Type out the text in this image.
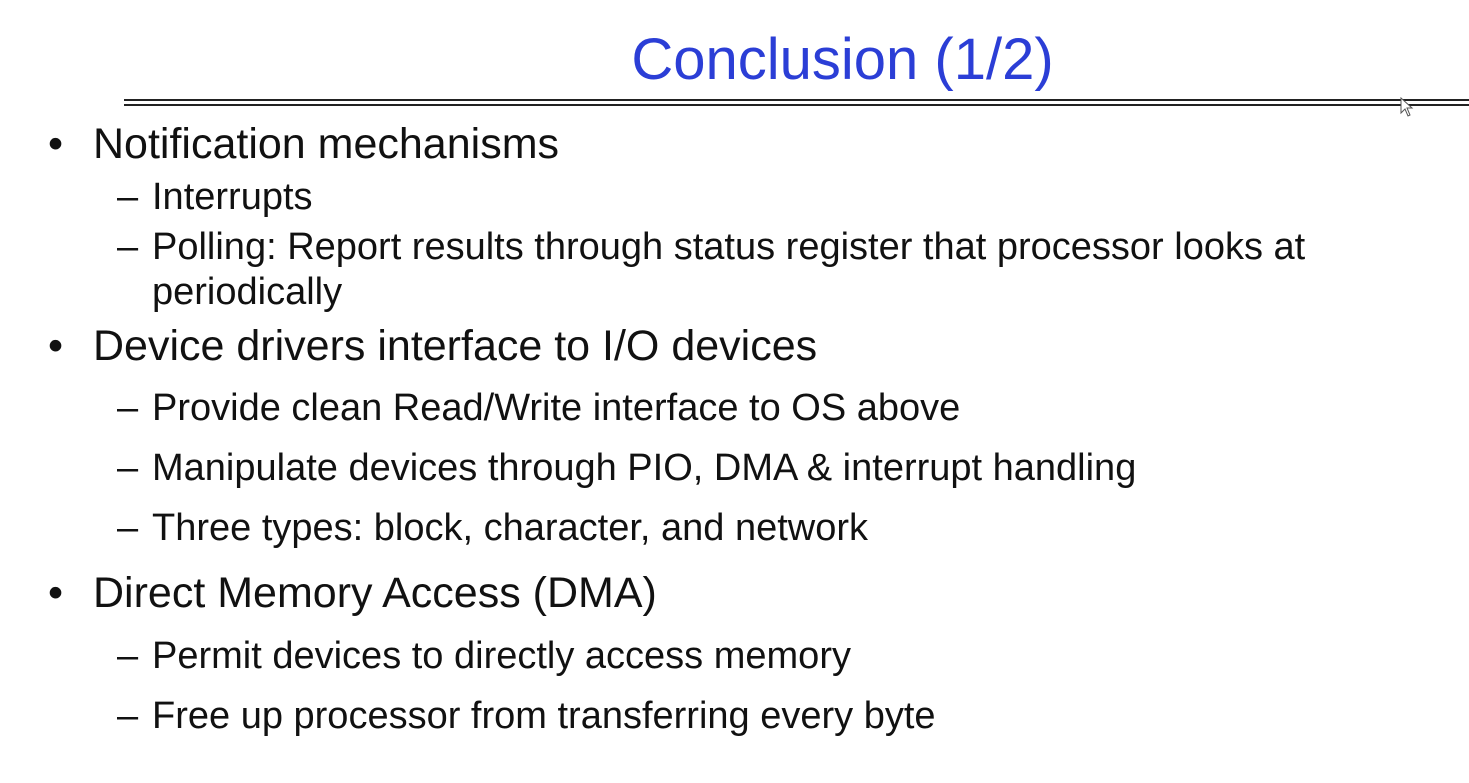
Conclusion (1/2)
• Notification mechanisms
– Interrupts
– Polling: Report results through status register that processor looks at periodically
• Device drivers interface to I/O devices
– Provide clean Read/Write interface to OS above
– Manipulate devices through PIO, DMA & interrupt handling
– Three types: block, character, and network
• Direct Memory Access (DMA)
– Permit devices to directly access memory
– Free up processor from transferring every byte
